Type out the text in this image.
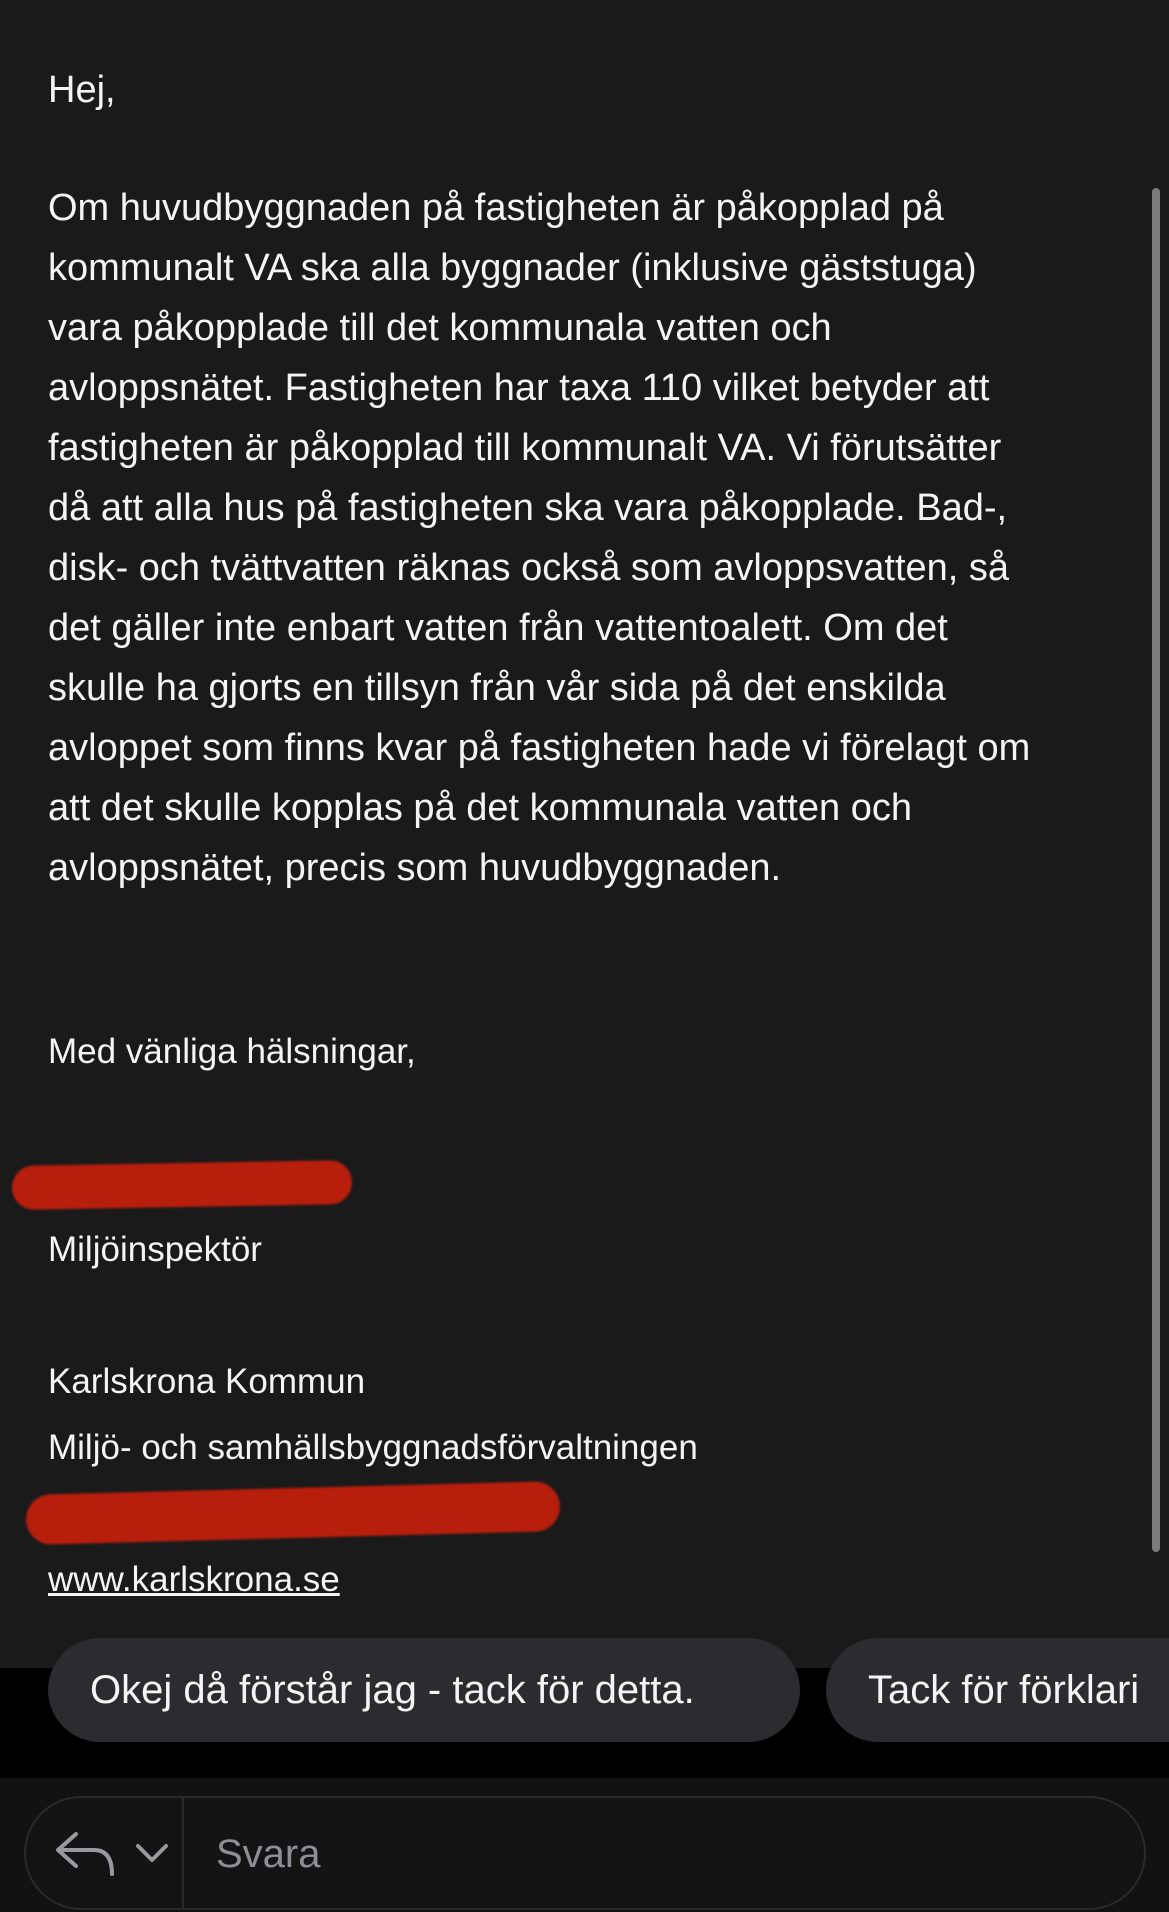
Hej,
Om huvudbyggnaden på fastigheten är påkopplad på
kommunalt VA ska alla byggnader (inklusive gäststuga)
vara påkopplade till det kommunala vatten och
avloppsnätet. Fastigheten har taxa 110 vilket betyder att
fastigheten är påkopplad till kommunalt VA. Vi förutsätter
då att alla hus på fastigheten ska vara påkopplade. Bad-,
disk- och tvättvatten räknas också som avloppsvatten, så
det gäller inte enbart vatten från vattentoalett. Om det
skulle ha gjorts en tillsyn från vår sida på det enskilda
avloppet som finns kvar på fastigheten hade vi förelagt om
att det skulle kopplas på det kommunala vatten och
avloppsnätet, precis som huvudbyggnaden.
Med vänliga hälsningar,
Miljöinspektör
Karlskrona Kommun
Miljö- och samhällsbyggnadsförvaltningen
www.karlskrona.se
Okej då förstår jag - tack för detta.	Tack för förklari
Svara
